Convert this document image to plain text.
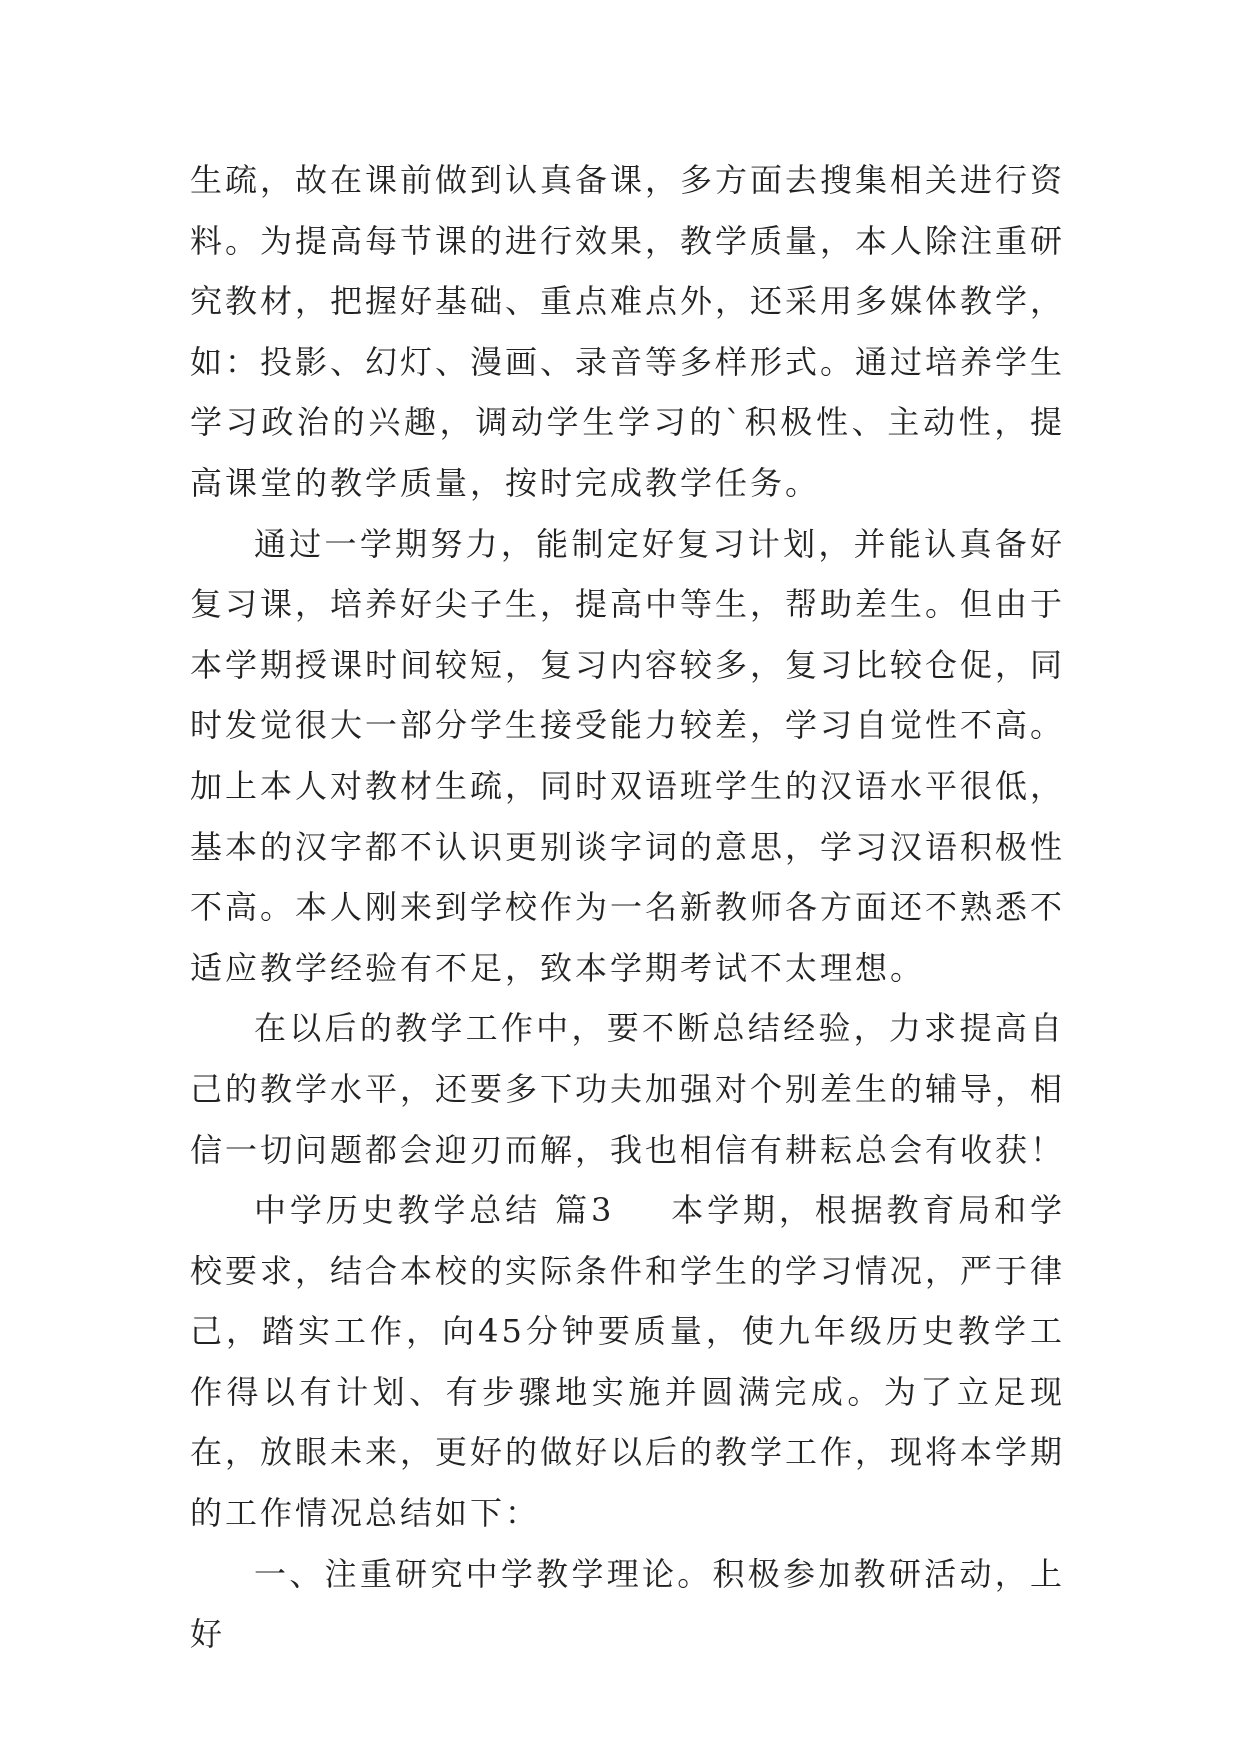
生疏，故在课前做到认真备课，多方面去搜集相关进行资料。为提高每节课的进行效果，教学质量，本人除注重研究教材，把握好基础、重点难点外，还采用多媒体教学，如：投影、幻灯、漫画、录音等多样形式。通过培养学生学习政治的兴趣，调动学生学习的`积极性、主动性，提高课堂的教学质量，按时完成教学任务。

通过一学期努力，能制定好复习计划，并能认真备好复习课，培养好尖子生，提高中等生，帮助差生。但由于本学期授课时间较短，复习内容较多，复习比较仓促，同时发觉很大一部分学生接受能力较差，学习自觉性不高。加上本人对教材生疏，同时双语班学生的汉语水平很低，基本的汉字都不认识更别谈字词的意思，学习汉语积极性不高。本人刚来到学校作为一名新教师各方面还不熟悉不适应教学经验有不足，致本学期考试不太理想。

在以后的教学工作中，要不断总结经验，力求提高自己的教学水平，还要多下功夫加强对个别差生的辅导，相信一切问题都会迎刃而解，我也相信有耕耘总会有收获！

中学历史教学总结 篇3 本学期，根据教育局和学校要求，结合本校的实际条件和学生的学习情况，严于律己，踏实工作，向45分钟要质量，使九年级历史教学工作得以有计划、有步骤地实施并圆满完成。为了立足现在，放眼未来，更好的做好以后的教学工作，现将本学期的工作情况总结如下：

一、注重研究中学教学理论。积极参加教研活动，上好
